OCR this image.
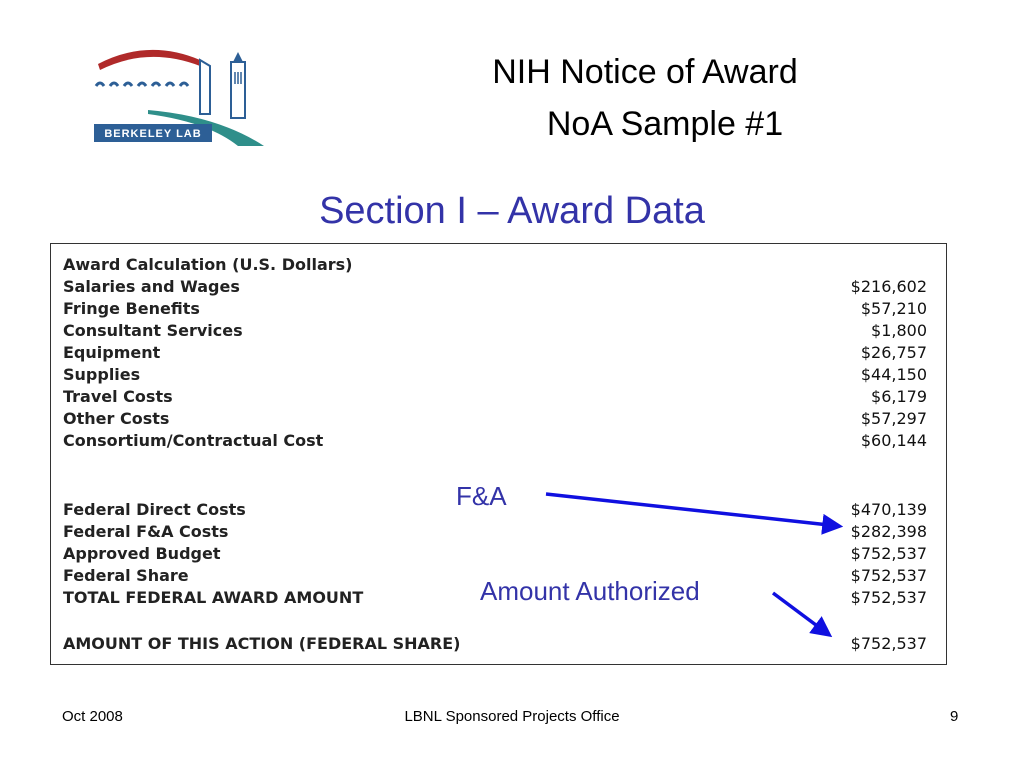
BERKELEY LAB
NIH Notice of Award
NoA Sample #1
Section I – Award Data
Award Calculation (U.S. Dollars)
Salaries and Wages	$216,602
Fringe Benefits	$57,210
Consultant Services	$1,800
Equipment	$26,757
Supplies	$44,150
Travel Costs	$6,179
Other Costs	$57,297
Consortium/Contractual Cost	$60,144
Federal Direct Costs	$470,139
Federal F&A Costs	$282,398
Approved Budget	$752,537
Federal Share	$752,537
TOTAL FEDERAL AWARD AMOUNT	$752,537
AMOUNT OF THIS ACTION (FEDERAL SHARE)	$752,537
F&A
Amount Authorized
Oct 2008	LBNL Sponsored Projects Office	9
